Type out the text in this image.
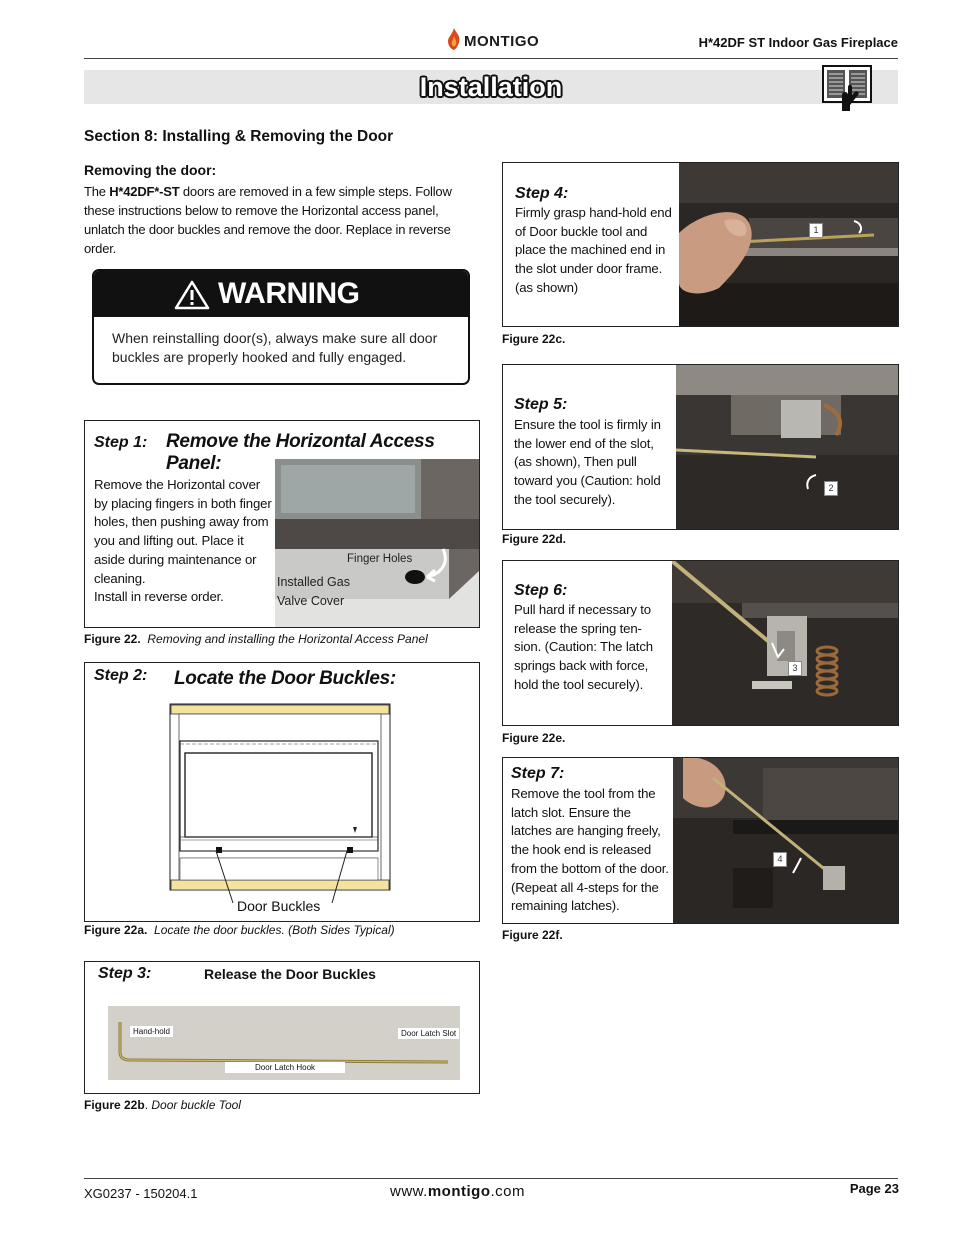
MONTIGO	H*42DF ST Indoor Gas Fireplace
Installation
Section 8: Installing & Removing the Door
Removing the door:
The H*42DF*-ST doors are removed in a few simple steps. Follow these instructions below to remove the Horizontal access panel, unlatch the door buckles and remove the door. Replace in reverse order.
WARNING
When reinstalling door(s), always make sure all door buckles are properly hooked and fully engaged.
Step 1: Remove the Horizontal Access Panel:
Remove the Horizontal cover by placing fingers in both finger holes, then pushing away from you and lifting out. Place it aside during maintenance or cleaning.
Install in reverse order.
Finger Holes
Installed Gas Valve Cover
Figure 22. Removing and installing the Horizontal Access Panel
Step 2: Locate the Door Buckles:
Door Buckles
Figure 22a. Locate the door buckles. (Both Sides Typical)
Step 3:	Release the Door Buckles
Hand-hold	Door Latch Slot
Door Latch Hook
Figure 22b. Door buckle Tool
Step 4:
Firmly grasp hand-hold end of Door buckle tool and place the machined end in the slot under door frame. (as shown)
1
Figure 22c.
Step 5:
Ensure the tool is firmly in the lower end of the slot, (as shown), Then pull toward you (Caution: hold the tool securely).
2
Figure 22d.
Step 6:
Pull hard if necessary to release the spring ten-sion. (Caution: The latch springs back with force, hold the tool securely).
3
Figure 22e.
Step 7:
Remove the tool from the latch slot. Ensure the latches are hanging freely, the hook end is released from the bottom of the door. (Repeat all 4-steps for the remaining latches).
4
Figure 22f.
XG0237 - 150204.1	www.montigo.com	Page 23
